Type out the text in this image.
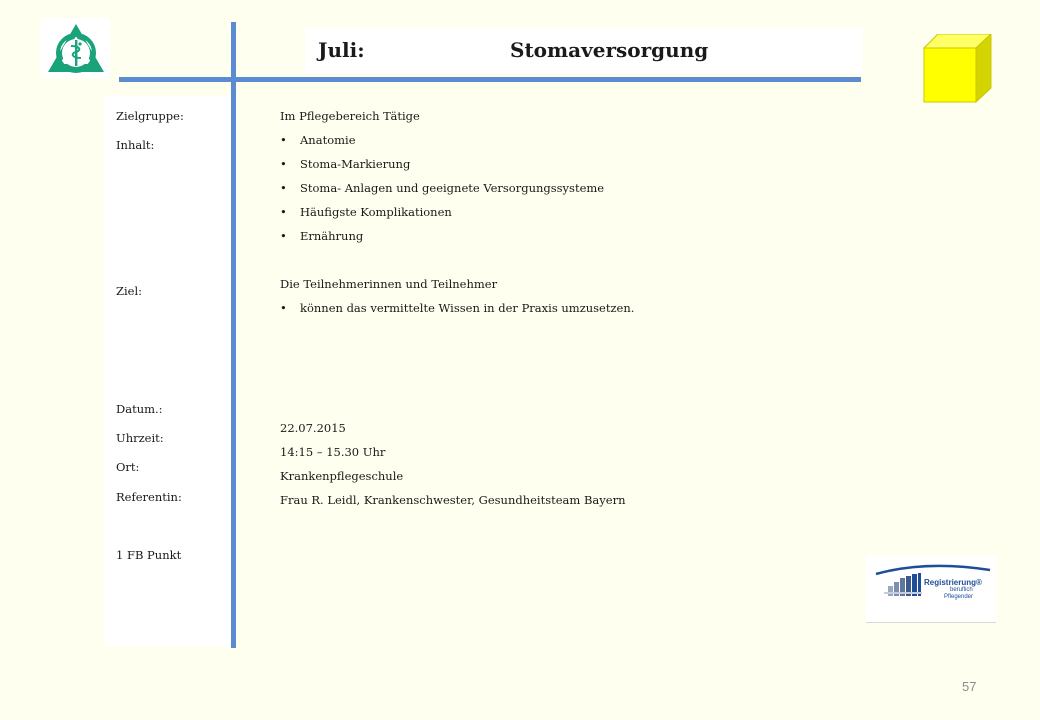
Juli:	Stomaversorgung
Zielgruppe:
Inhalt:
Ziel:
Datum.:
Uhrzeit:
Ort:
Referentin:
1 FB Punkt
Im Pflegebereich Tätige
• Anatomie
• Stoma-Markierung
• Stoma- Anlagen und geeignete Versorgungssysteme
• Häufigste Komplikationen
• Ernährung
Die Teilnehmerinnen und Teilnehmer
• können das vermittelte Wissen in der Praxis umzusetzen.
22.07.2015
14:15 – 15.30 Uhr
Krankenpflegeschule
Frau R. Leidl, Krankenschwester, Gesundheitsteam Bayern
Registrierung®
beruflich
Pflegender
57
